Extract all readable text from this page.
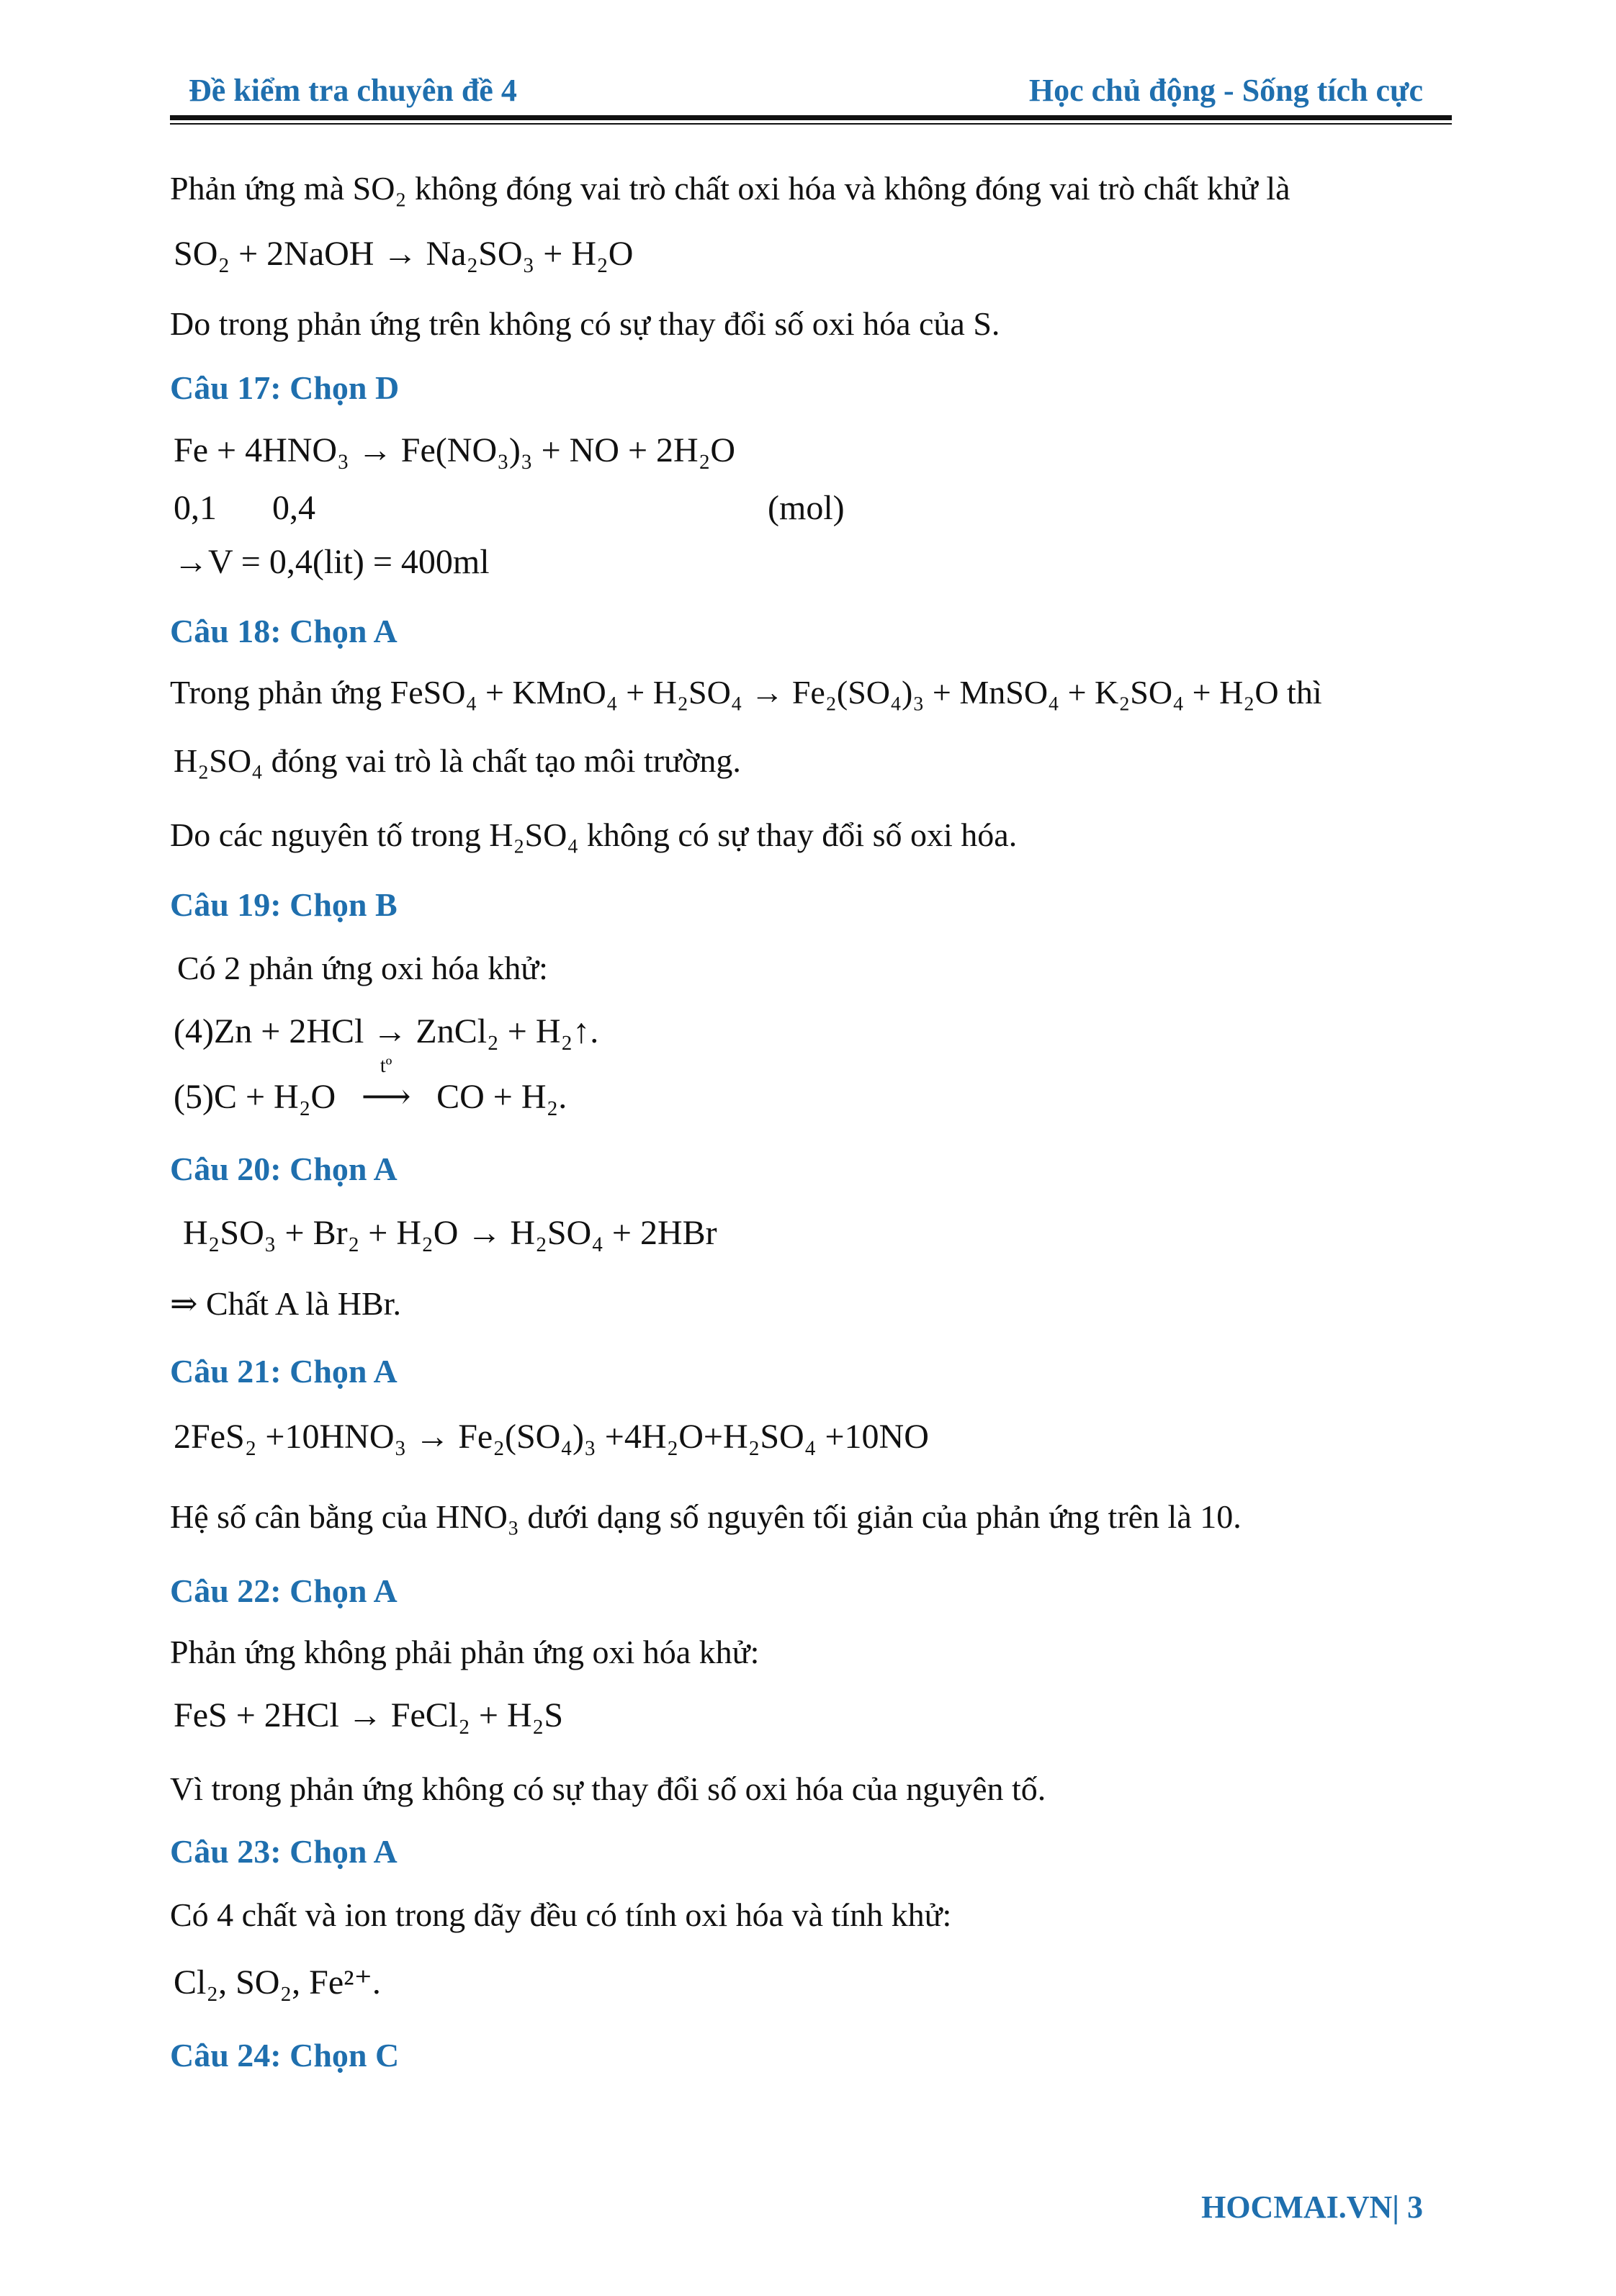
Đề kiểm tra chuyên đề 4	Học chủ động - Sống tích cực
Phản ứng mà SO₂ không đóng vai trò chất oxi hóa và không đóng vai trò chất khử là
SO₂ + 2NaOH → Na₂SO₃ + H₂O
Do trong phản ứng trên không có sự thay đổi số oxi hóa của S.
Câu 17: Chọn D
Fe + 4HNO₃ → Fe(NO₃)₃ + NO + 2H₂O
0,1 0,4	(mol)
→V = 0,4(lit) = 400ml
Câu 18: Chọn A
Trong phản ứng FeSO₄ + KMnO₄ + H₂SO₄ → Fe₂(SO₄)₃ + MnSO₄ + K₂SO₄ + H₂O thì
H₂SO₄ đóng vai trò là chất tạo môi trường.
Do các nguyên tố trong H₂SO₄ không có sự thay đổi số oxi hóa.
Câu 19: Chọn B
Có 2 phản ứng oxi hóa khử:
(4)Zn + 2HCl → ZnCl₂ + H₂↑.
(5)C + H₂O
tº
⟶ CO + H₂.
Câu 20: Chọn A
H₂SO₃ + Br₂ + H₂O → H₂SO₄ + 2HBr
⇒ Chất A là HBr.
Câu 21: Chọn A
2FeS₂ +10HNO₃ → Fe₂(SO₄)₃ +4H₂O+H₂SO₄ +10NO
Hệ số cân bằng của HNO₃ dưới dạng số nguyên tối giản của phản ứng trên là 10.
Câu 22: Chọn A
Phản ứng không phải phản ứng oxi hóa khử:
FeS + 2HCl → FeCl₂ + H₂S
Vì trong phản ứng không có sự thay đổi số oxi hóa của nguyên tố.
Câu 23: Chọn A
Có 4 chất và ion trong dãy đều có tính oxi hóa và tính khử:
Cl₂, SO₂, Fe²⁺.
Câu 24: Chọn C
HOCMAI.VN| 3
